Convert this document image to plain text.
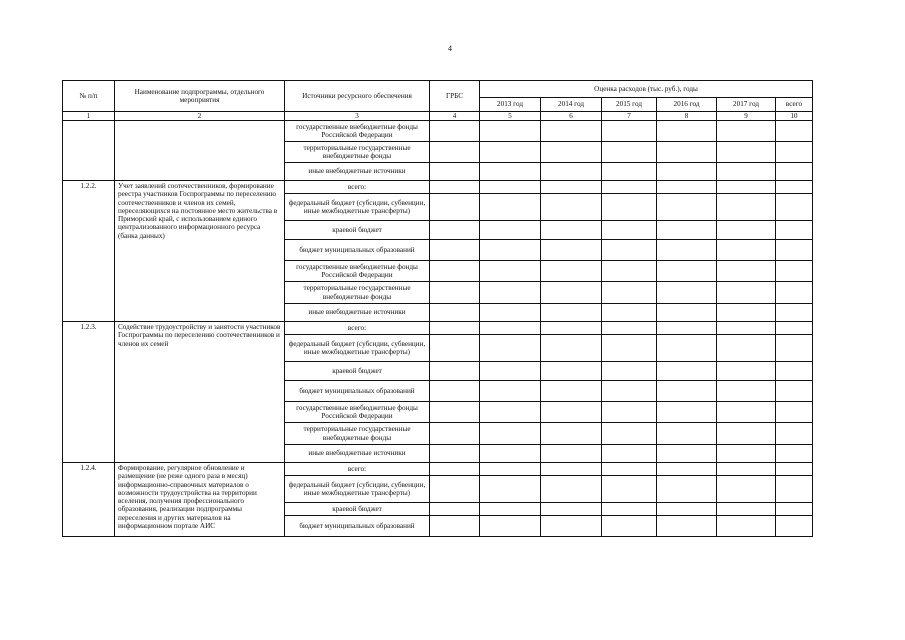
4
№ п/п	Наименование подпрограммы, отдельного мероприятия	Источники ресурсного обеспечения	ГРБС	Оценка расходов (тыс. руб.), годы					
				2013 год	2014 год	2015 год	2016 год	2017 год	всего
1	2	3	4	5	6	7	8	9	10
		государственные внебюджетные фонды Российской Федерации							
		территориальные государственные внебюджетные фонды							
		иные внебюджетные источники							
1.2.2.	Учет заявлений соотечественников, формирование реестра участников Госпрограммы по переселению соотечественников и членов их семей, переселяющихся на постоянное место жительства в Приморский край, с использованием единого централизованного информационного ресурса (банка данных)	всего:							
		федеральный бюджет (субсидии, субвенции, иные межбюджетные трансферты)							
		краевой бюджет							
		бюджет муниципальных образований							
		государственные внебюджетные фонды Российской Федерации							
		территориальные государственные внебюджетные фонды							
		иные внебюджетные источники							
1.2.3.	Содействие трудоустройству и занятости участников Госпрограммы по переселению соотечественников и членов их семей	всего:							
		федеральный бюджет (субсидии, субвенции, иные межбюджетные трансферты)							
		краевой бюджет							
		бюджет муниципальных образований							
		государственные внебюджетные фонды Российской Федерации							
		территориальные государственные внебюджетные фонды							
		иные внебюджетные источники							
1.2.4.	Формирование, регулярное обновление и размещение (не реже одного раза в месяц) информационно-справочных материалов о возможности трудоустройства на территории вселения, получения профессионального образования, реализации подпрограммы переселения и других материалов на информационном портале АИС	всего:							
		федеральный бюджет (субсидии, субвенции, иные межбюджетные трансферты)							
		краевой бюджет							
		бюджет муниципальных образований							
